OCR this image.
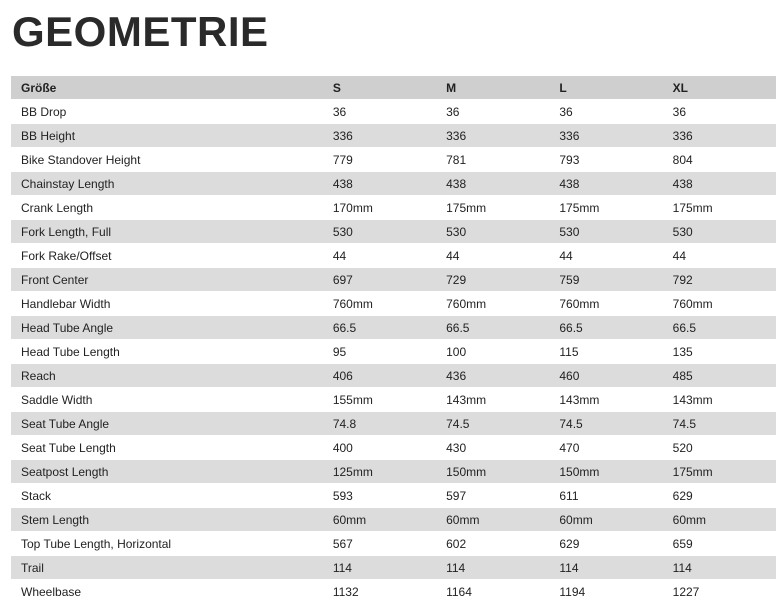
GEOMETRIE
Größe	S	M	L	XL
BB Drop	36	36	36	36
BB Height	336	336	336	336
Bike Standover Height	779	781	793	804
Chainstay Length	438	438	438	438
Crank Length	170mm	175mm	175mm	175mm
Fork Length, Full	530	530	530	530
Fork Rake/Offset	44	44	44	44
Front Center	697	729	759	792
Handlebar Width	760mm	760mm	760mm	760mm
Head Tube Angle	66.5	66.5	66.5	66.5
Head Tube Length	95	100	115	135
Reach	406	436	460	485
Saddle Width	155mm	143mm	143mm	143mm
Seat Tube Angle	74.8	74.5	74.5	74.5
Seat Tube Length	400	430	470	520
Seatpost Length	125mm	150mm	150mm	175mm
Stack	593	597	611	629
Stem Length	60mm	60mm	60mm	60mm
Top Tube Length, Horizontal	567	602	629	659
Trail	114	114	114	114
Wheelbase	1132	1164	1194	1227
